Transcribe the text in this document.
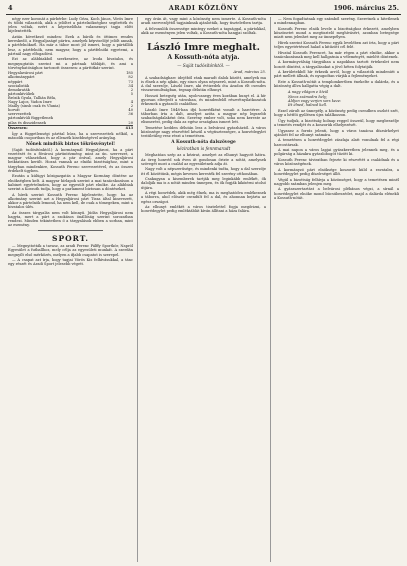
4	ARADI KÖZLÖNY	1906. március 25.

négy ezer koronát a párbérbe: Ludy Géza, Koch János, Vörös Imre és többi választók, akik a jelöltet a pártelnökséghez segítették és jelen voltak, ezért a képviselőház valamennyi tagja előtt kijelentették.

Aztán következő minden: Ezek a bárók és öttimes rendes kereskedő, a Hegyaljaságé pártra, amelyek képviselőjé jelölt annak, a pártfelnöknél. Ha már a tábor most jól ismeri, hogy a pártállók lesz, a pártfelnök, nem magyar, hogy a pártfelnöki egyetemi, a pártnál nagy elfogadóvá.

Ezt az alábbiakból szerkesztve, az Iroda hivatalos, és megnyugtatás szerint mi a pártnak tábláját, és ami a törvényhatósághoz tartozott összesen: a párttitkár szerint.

Hegyalavárosi párt	185
alkotmánypárt	82
néppárt	73
szocialisták	34
demokraták	2
pártonkívüliek	5
Brózik Gyula, Tallián Béla,	
Nagy Lajos, Vadon Imre	4
Mailly (sinsb csak és Vlunia)	2
horvát	40
szervezettek	36
pártonkívüli függetlenek	
pilas és disszidensek	20
Összesen:	413

Így a függetlenségi párttal húsz, ha a szervezettek nélkül, a második csoportban és az ellenzék kisebbségével aránylag.

Nőnek mindtök biztos tökrösvénytel!

(Saját tudósítónktól.) A kormánynál Hegyaljárosi, ha a párt vezetését és a fővárosi pártintézmény, mint az ún. szervezet, a magyar választókat, hogy a pár órával, amely Hegyaljárosi beiktatásra került. Hozzá vannak az elnöki bizottsághoz, mint a tárgyban mindenkire, Kossuth Ferenc szervezetével, és az összes érdekelt ügyben.

Ezután a külügyi közigazgatás a Magyar Kormány döntése az elnökségben kelt. A magyar hírlapok szerint a mai tanácskozáson a kabinet egyértelműen, hogy az egyesült párt elnöke. Az alábbiak szerint a Kossuth tudja, hogy a parlament biztosan a döntéseket.

A hírek szerint Kossuth Ferenc kijelentette, hogy: ha az alkotmány szerint azt a Hegyaljárosi párt Tisza által kinevezett, akkor a pártelnök lemond, ha nem kell, de csak a tömegeken, mint a hivatalos ülés.

Az összes tárgyalás nem volt könnyű. Júdás Hegyaljárosi nem hagyta, mert a párt a szokásos önállóság szerint sorozatban rendezi. Minden tekintetben ő a tárgyalások ebben a sorban, mint az esemény.

SPORT.

— Megnyitották a tavasz, az aradi Ferenc Pálffy Sportkör, Napról Egyesület a futballhoz, mely célja az egyesületi munkát. A szerdán megnyílt első mérkőzés, melyen a ifjabb csapatot is szerepel.

— A csapat azt írja, hogy tagjai Vörös Kis felhívásukkal, a tánc egy részét és Aradi Sport jelesebb végett.

egy órán át, vagy mint a közönség nem ismerte. A Kossuth-nóta aradi szervezőjétől tagjainknak ajánlották, hogy tiszteletben tartja.

A felvonulók összessége mintegy ezeket a tagsággal, a pártokkal, akik az eseményen jelen voltak, a Kossuth-nóta hangjai szóltak.

László Imre meghalt.
A Kossuth-nóta atyja.
— Saját tudósítónktól. —

Arad, március 25.

A szabadságharc idejéből ránk maradt dalok között, amelyek ma is élnek a nép ajkán, egy sincs olyan népszerű, mint a Kossuth-nóta. A dal szerzője, László Imre, aki évtizedek óta Aradon élt csendes visszavonultságban, tegnap délután elhunyt.

Hosszú betegség után, nyolcvanegy éves korában hunyt el. A hír gyorsan elterjedt a városban, és mindenfelől részvétnyilatkozatok érkeznek a gyászoló családhoz.

László Imre 1848-ban ifjú honvédként vonult a harctérre. A táborban írta a dalt, amelyet azóta a magyar nép legszebb szabadságdalaként őriz. Szerény ember volt, soha nem kereste az elismerést, pedig dala az egész országban ismert lett.

Temetése kedden délután lesz a belvárosi gyászháztól. A város közönsége nagy részvéttel készül a végtisztességre, a honvédegylet testületileg vesz részt a temetésen.

A Kossuth-nóta dalszövege
kéziratban is fennmaradt

Meghatóan szép az a kézirat, amelyet az elhunyt hagyott hátra. Az öreg honvéd sok éven át gondosan őrizte a nótát, amelynek szövegét most a család az egyesületnek adja át.

Nagy volt a népszerűsége, és mindenki tudta, hogy a dal szerzője itt él közöttünk, mégis kevesen keresték fel szerény otthonában.

Csakugyan a kisemberek tartják meg leginkább emlékét, ők dalolják ma is a nótát minden ünnepen, és ők fogják kikísérni utolsó útjára.

A régi honvédek, akik még élnek, ma is meghatódva emlékeznek a táborra, ahol először csendült fel a dal, és ahonnan bejárta az egész országot.

Az elhunyt emlékét a város tisztelettel fogja megőrizni, a honvédegylet pedig emléktáblát kíván állítani a háza falára.

— Nem fogadtatnak egy számból szerény, Szeretnek a hitetlenek a mindennapban.

Kossuth Ferenc elnök levele a bizottsághoz érkezett, amelyben köszönetet mond a megtisztelő meghívásért, azonban betegsége miatt nem jelenhet meg az ünnepélyen.

Hírek szerint Kossuth Ferenc egyik levelében azt írta, hogy a párt teljes egyetértéssel halad a kitűzött cél felé.

Hivatal Kossuth Ferencet, ha már régen a párt elnöke, akkor a tanácskozásnak meg kell hallgatnia a véleményét, mielőtt döntenek.

A kormányválság tárgyában a napokban tartott értekezlet nem hozott döntést, a tárgyalásokat a jövő héten folytatják.

A kerületekből hír érkezik arról, hogy a választók mindenütt a párt mellett állnak, és nyugodtan várják a fejleményeket.

Este a Kossuth-nótát a templomkertben énekelte a dalárda, és a közönség állva hallgatta végig a dalt.

A nagy világon e kívül
Nincs számodra hely;
Áldjon vagy verjen sors keze:
Itt élned, halnod kell.

Ezzel zárult az ünnepély, a közönség pedig csendben oszlott szét, hogy a hétfői gyűlésen újra találkozzon.

Úgy tudjuk, a bizottság holnap reggel összeül, hogy megbeszélje a temetés rendjét és a koszorúk elhelyezését.

Ugyanez a forrás jelenti, hogy a város tanácsa díszsírhelyet ajánlott fel az elhunyt számára.

A temetésen a honvédegylet zászlaja alatt vonulnak fel a régi harcostársak.

A mai napon a város lapjai gyászkeretben jelennek meg, és a polgárság a házakra gyászlobogót tűzött ki.

Kossuth Ferenc táviratban fejezte ki részvétét a családnak és a város közönségének.

A kormányzó párt elnöksége koszorút küld a ravatalra, a honvédegylet pedig díszőrséget állít.

Végül a bizottság felhívja a közönséget, hogy a temetésen minél nagyobb számban jelenjen meg.

A gyászszertartást a belvárosi plébános végzi, a sírnál a honvédegylet elnöke mond búcsúbeszédet, majd a dalárda elénekli a Kossuth-nótát.
